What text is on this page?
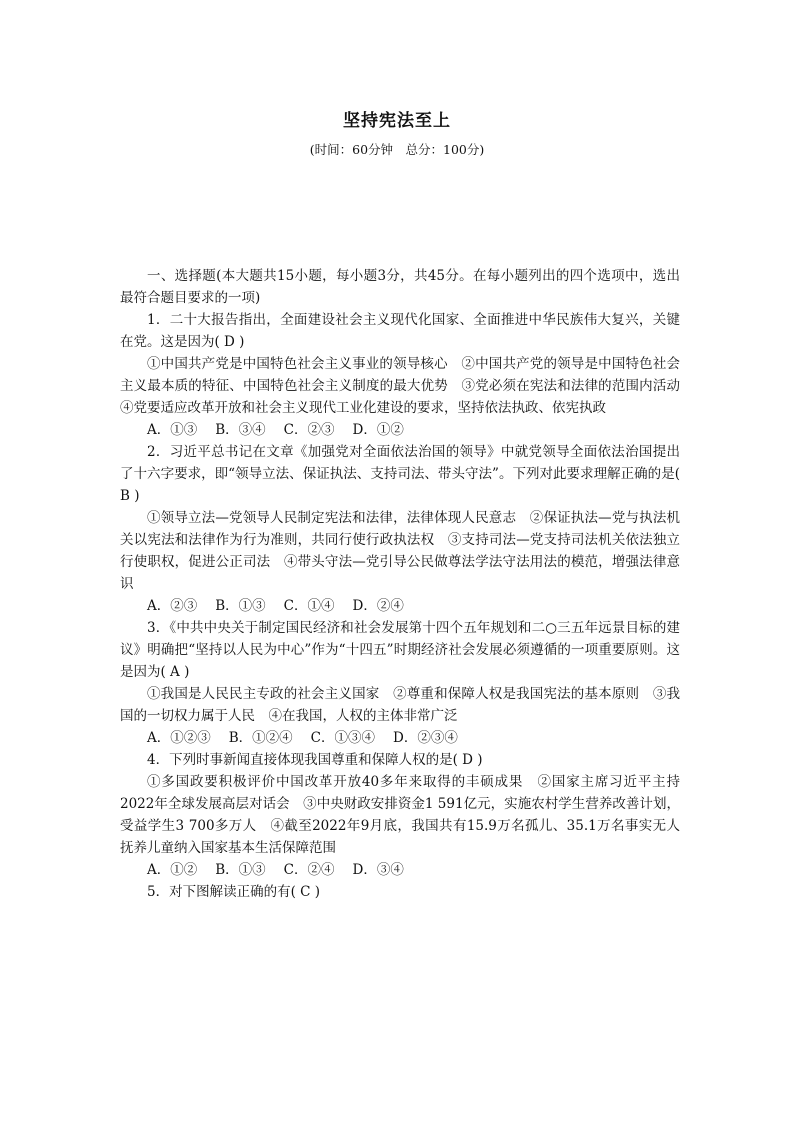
坚持宪法至上
(时间：60分钟　总分：100分)

一、选择题(本大题共15小题，每小题3分，共45分。在每小题列出的四个选项中，选出最符合题目要求的一项)

1．二十大报告指出，全面建设社会主义现代化国家、全面推进中华民族伟大复兴，关键在党。这是因为( D )

①中国共产党是中国特色社会主义事业的领导核心　②中国共产党的领导是中国特色社会主义最本质的特征、中国特色社会主义制度的最大优势　③党必须在宪法和法律的范围内活动　④党要适应改革开放和社会主义现代工业化建设的要求，坚持依法执政、依宪执政

A．①③ B．③④ C．②③ D．①②

2．习近平总书记在文章《加强党对全面依法治国的领导》中就党领导全面依法治国提出了十六字要求，即“领导立法、保证执法、支持司法、带头守法”。下列对此要求理解正确的是( B )

①领导立法—党领导人民制定宪法和法律，法律体现人民意志　②保证执法—党与执法机关以宪法和法律作为行为准则，共同行使行政执法权　③支持司法—党支持司法机关依法独立行使职权，促进公正司法　④带头守法—党引导公民做尊法学法守法用法的模范，增强法律意识

A．②③ B．①③ C．①④ D．②④

3．《中共中央关于制定国民经济和社会发展第十四个五年规划和二○三五年远景目标的建议》明确把“坚持以人民为中心”作为“十四五”时期经济社会发展必须遵循的一项重要原则。这是因为( A )

①我国是人民民主专政的社会主义国家　②尊重和保障人权是我国宪法的基本原则　③我国的一切权力属于人民　④在我国，人权的主体非常广泛

A．①②③ B．①②④ C．①③④ D．②③④

4．下列时事新闻直接体现我国尊重和保障人权的是( D )

①多国政要积极评价中国改革开放40多年来取得的丰硕成果　②国家主席习近平主持2022年全球发展高层对话会　③中央财政安排资金1 591亿元，实施农村学生营养改善计划，受益学生3 700多万人　④截至2022年9月底，我国共有15.9万名孤儿、35.1万名事实无人抚养儿童纳入国家基本生活保障范围

A．①② B．①③ C．②④ D．③④

5．对下图解读正确的有( C )
